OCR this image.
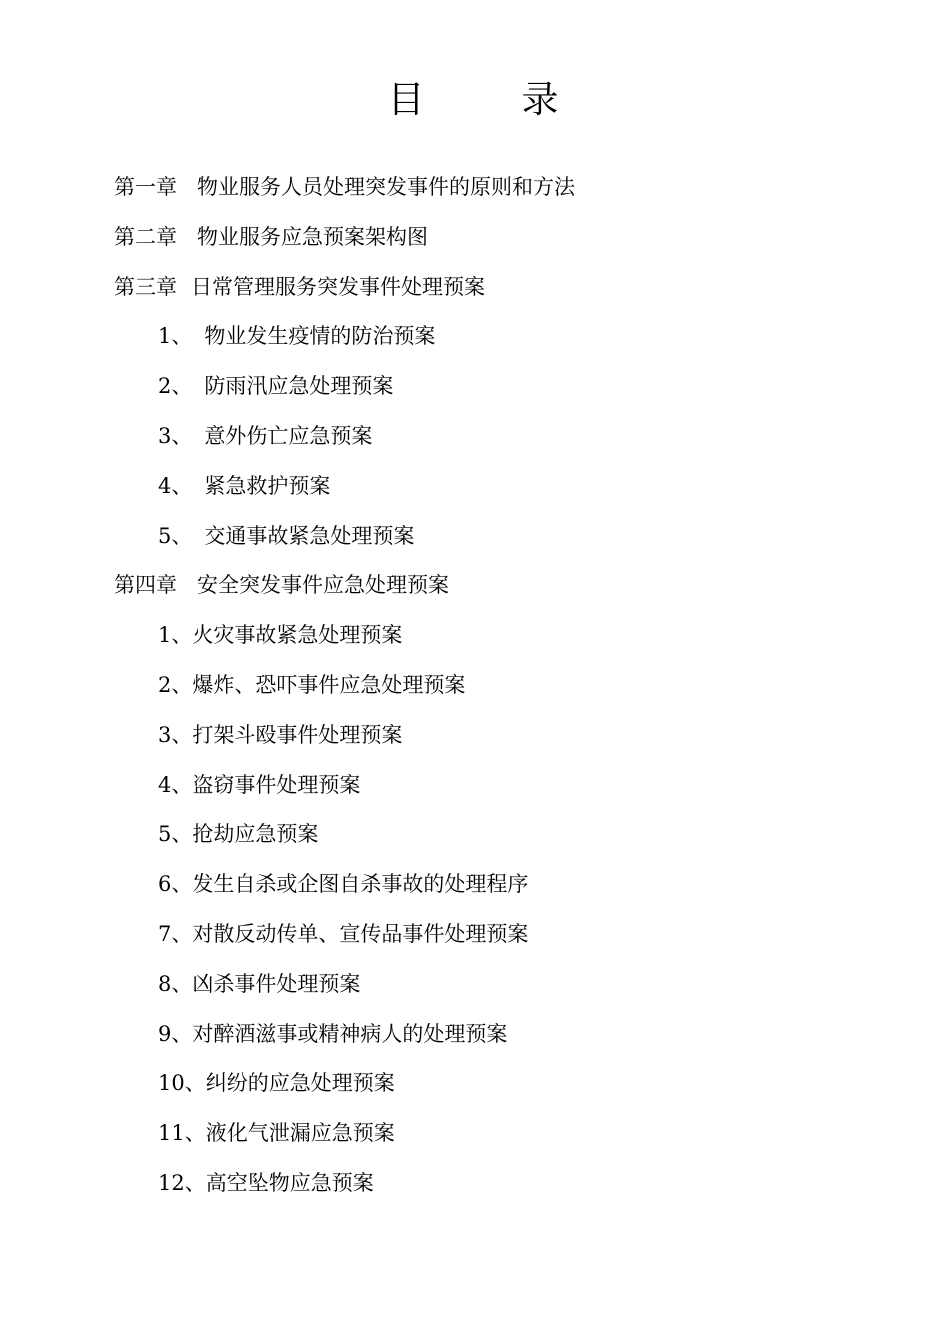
目　录
第一章 物业服务人员处理突发事件的原则和方法
第二章 物业服务应急预案架构图
第三章 日常管理服务突发事件处理预案
1、 物业发生疫情的防治预案
2、 防雨汛应急处理预案
3、 意外伤亡应急预案
4、 紧急救护预案
5、 交通事故紧急处理预案
第四章 安全突发事件应急处理预案
1、火灾事故紧急处理预案
2、爆炸、恐吓事件应急处理预案
3、打架斗殴事件处理预案
4、盗窃事件处理预案
5、抢劫应急预案
6、发生自杀或企图自杀事故的处理程序
7、对散反动传单、宣传品事件处理预案
8、凶杀事件处理预案
9、对醉酒滋事或精神病人的处理预案
10、纠纷的应急处理预案
11、液化气泄漏应急预案
12、高空坠物应急预案
